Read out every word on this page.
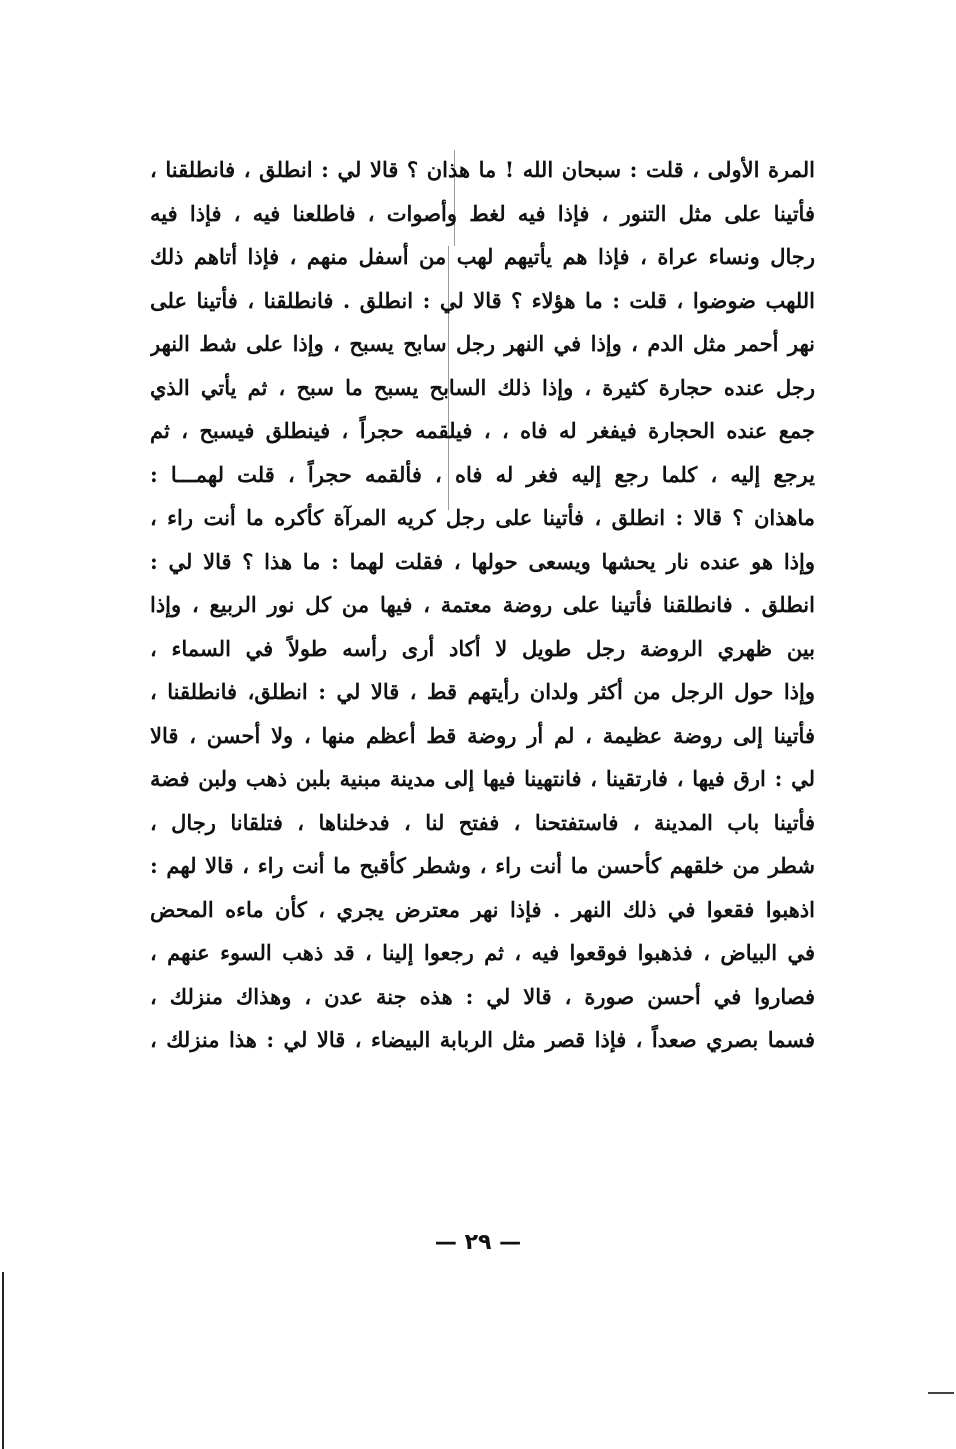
المرة الأولى ، قلت : سبحان الله ! ما هذان ؟ قالا لي : انطلق ، فانطلقنا ،
فأتينا على مثل التنور ، فإذا فيه لغط وأصوات ، فاطلعنا فيه ، فإذا فيه
رجال ونساء عراة ، فإذا هم يأتيهم لهب من أسفل منهم ، فإذا أتاهم ذلك
اللهب ضوضوا ، قلت : ما هؤلاء ؟ قالا لي : انطلق . فانطلقنا ، فأتينا على
نهر أحمر مثل الدم ، وإذا في النهر رجل سابح يسبح ، وإذا على شط النهر
رجل عنده حجارة كثيرة ، وإذا ذلك السابح يسبح ما سبح ، ثم يأتي الذي
جمع عنده الحجارة فيفغر له فاه ، ، فيلقمه حجراً ، فينطلق فيسبح ، ثم
يرجع إليه ، كلما رجع إليه فغر له فاه ، فألقمه حجراً ، قلت لهمـــا :
ماهذان ؟ قالا : انطلق ، فأتينا على رجل كريه المرآة كأكره ما أنت راء ،
وإذا هو عنده نار يحشها ويسعى حولها ، فقلت لهما : ما هذا ؟ قالا لي :
انطلق . فانطلقنا فأتينا على روضة معتمة ، فيها من كل نور الربيع ، وإذا
بين ظهري الروضة رجل طويل لا أكاد أرى رأسه طولاً في السماء ،
وإذا حول الرجل من أكثر ولدان رأيتهم قط ، قالا لي : انطلق، فانطلقنا ،
فأتينا إلى روضة عظيمة ، لم أر روضة قط أعظم منها ، ولا أحسن ، قالا
لي : ارق فيها ، فارتقينا ، فانتهينا فيها إلى مدينة مبنية بلبن ذهب ولبن فضة
فأتينا باب المدينة ، فاستفتحنا ، ففتح لنا ، فدخلناها ، فتلقانا رجال ،
شطر من خلقهم كأحسن ما أنت راء ، وشطر كأقبح ما أنت راء ، قالا لهم :
اذهبوا فقعوا في ذلك النهر . فإذا نهر معترض يجري ، كأن ماءه المحض
في البياض ، فذهبوا فوقعوا فيه ، ثم رجعوا إلينا ، قد ذهب السوء عنهم ،
فصاروا في أحسن صورة ، قالا لي : هذه جنة عدن ، وهذاك منزلك ،
فسما بصري صعداً ، فإذا قصر مثل الربابة البيضاء ، قالا لي : هذا منزلك ،
— ٢٩ —
